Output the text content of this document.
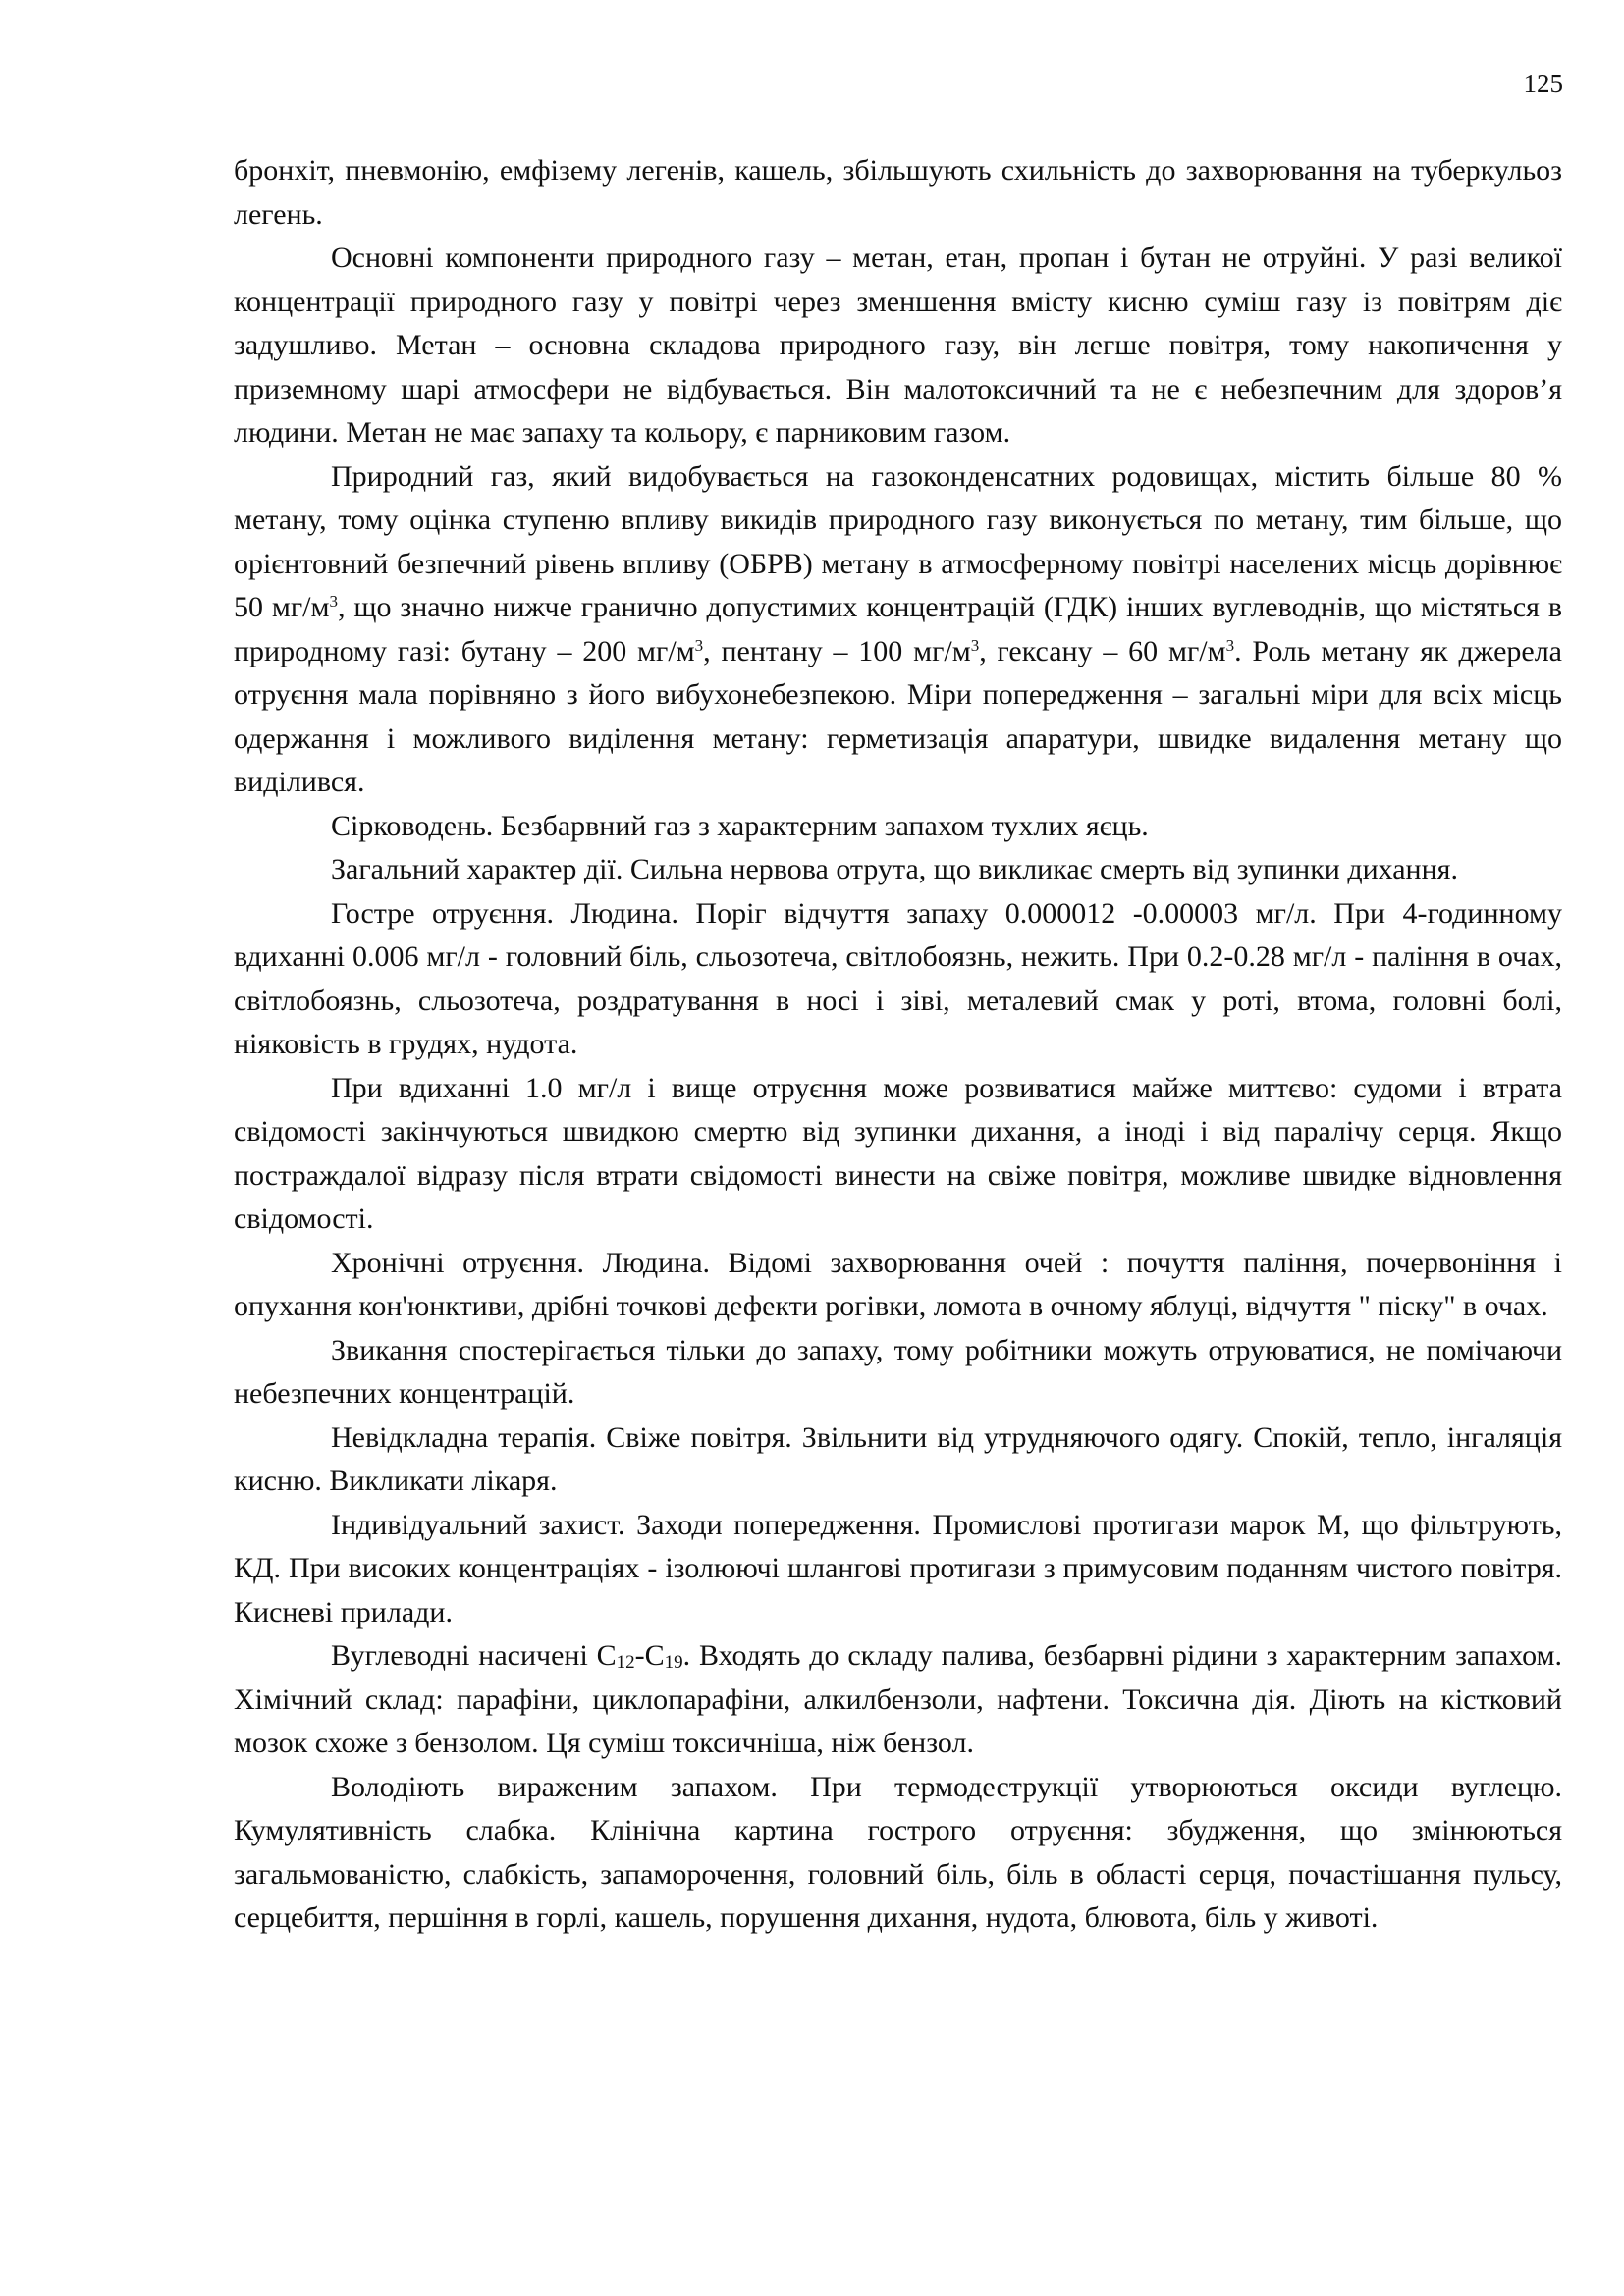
125

бронхіт, пневмонію, емфізему легенів, кашель, збільшують схильність до захворювання на туберкульоз легень.

Основні компоненти природного газу – метан, етан, пропан і бутан не отруйні. У разі великої концентрації природного газу у повітрі через зменшення вмісту кисню суміш газу із повітрям діє задушливо. Метан – основна складова природного газу, він легше повітря, тому накопичення у приземному шарі атмосфери не відбувається. Він малотоксичний та не є небезпечним для здоров’я людини. Метан не має запаху та кольору, є парниковим газом.

Природний газ, який видобувається на газоконденсатних родовищах, містить більше 80 % метану, тому оцінка ступеню впливу викидів природного газу виконується по метану, тим більше, що орієнтовний безпечний рівень впливу (ОБРВ) метану в атмосферному повітрі населених місць дорівнює 50 $мг/м^3$, що значно нижче гранично допустимих концентрацій (ГДК) інших вуглеводнів, що містяться в природному газі: бутану – 200 $мг/м^3$, пентану – 100 $мг/м^3$, гексану – 60 $мг/м^3$. Роль метану як джерела отруєння мала порівняно з його вибухонебезпекою. Міри попередження – загальні міри для всіх місць одержання і можливого виділення метану: герметизація апаратури, швидке видалення метану що виділився.

Сірководень. Безбарвний газ з характерним запахом тухлих яєць.

Загальний характер дії. Сильна нервова отрута, що викликає смерть від зупинки дихання.

Гостре отруєння. Людина. Поріг відчуття запаху 0.000012 -0.00003 мг/л. При 4-годинному вдиханні 0.006 мг/л - головний біль, сльозотеча, світлобоязнь, нежить. При 0.2-0.28 мг/л - паління в очах, світлобоязнь, сльозотеча, роздратування в носі і зіві, металевий смак у роті, втома, головні болі, ніяковість в грудях, нудота.

При вдиханні 1.0 мг/л і вище отруєння може розвиватися майже миттєво: судоми і втрата свідомості закінчуються швидкою смертю від зупинки дихання, а іноді і від паралічу серця. Якщо постраждалої відразу після втрати свідомості винести на свіже повітря, можливе швидке відновлення свідомості.

Хронічні отруєння. Людина. Відомі захворювання очей : почуття паління, почервоніння і опухання кон'юнктиви, дрібні точкові дефекти рогівки, ломота в очному яблуці, відчуття " піску" в очах.

Звикання спостерігається тільки до запаху, тому робітники можуть отруюватися, не помічаючи небезпечних концентрацій.

Невідкладна терапія. Свіже повітря. Звільнити від утрудняючого одягу. Спокій, тепло, інгаляція кисню. Викликати лікаря.

Індивідуальний захист. Заходи попередження. Промислові протигази марок М, що фільтрують, КД. При високих концентраціях - ізолюючі шлангові протигази з примусовим поданням чистого повітря. Кисневі прилади.

Вуглеводні насичені $С_{12}-С_{19}$. Входять до складу палива, безбарвні рідини з характерним запахом. Хімічний склад: парафіни, циклопарафіни, алкилбензоли, нафтени. Токсична дія. Діють на кістковий мозок схоже з бензолом. Ця суміш токсичніша, ніж бензол.

Володіють вираженим запахом. При термодеструкції утворюються оксиди вуглецю. Кумулятивність слабка. Клінічна картина гострого отруєння: збудження, що змінюються загальмованістю, слабкість, запаморочення, головний біль, біль в області серця, почастішання пульсу, серцебиття, першіння в горлі, кашель, порушення дихання, нудота, блювота, біль у животі.
